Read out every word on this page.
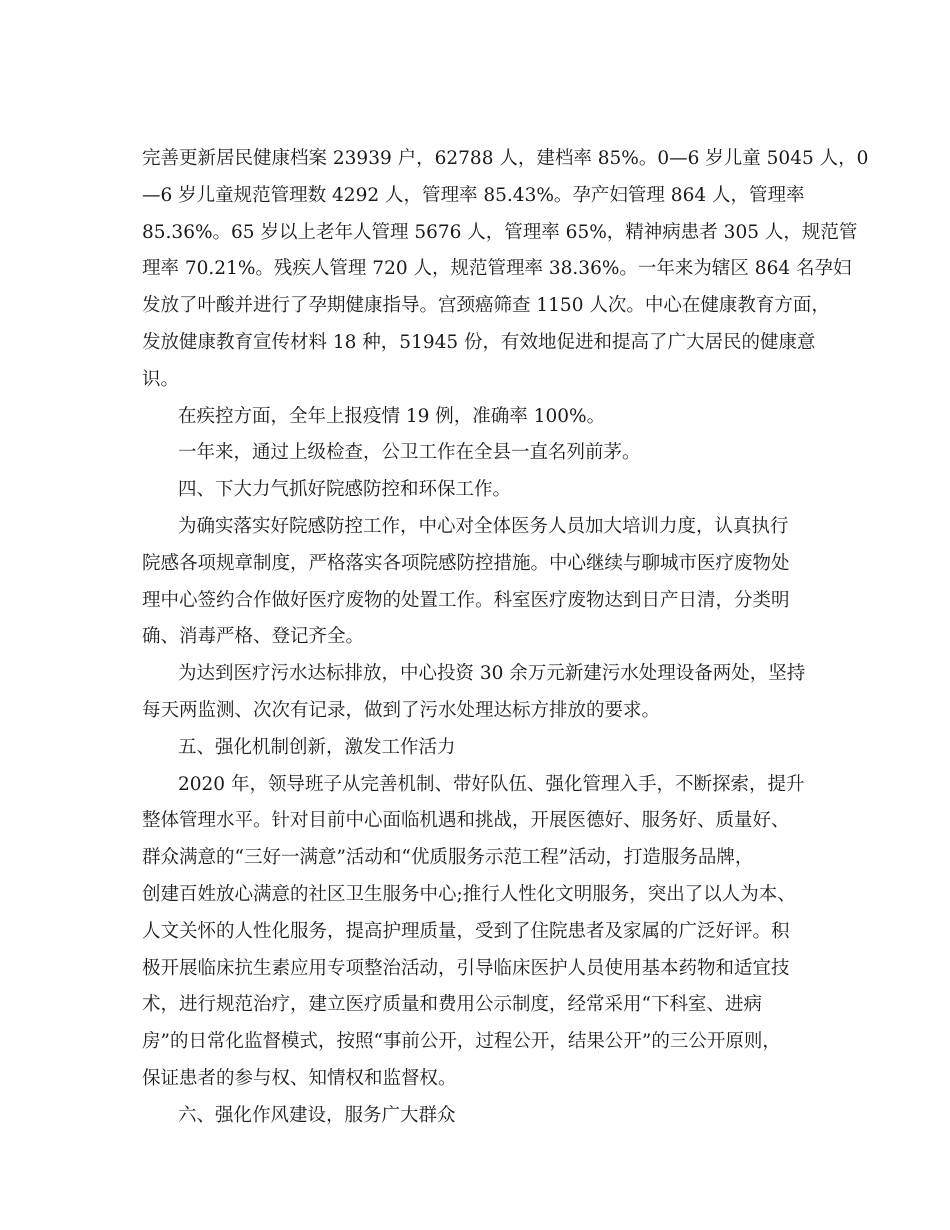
完善更新居民健康档案 23939 户，62788 人，建档率 85%。0—6 岁儿童 5045 人，0
—6 岁儿童规范管理数 4292 人，管理率 85.43%。孕产妇管理 864 人，管理率
85.36%。65 岁以上老年人管理 5676 人，管理率 65%，精神病患者 305 人，规范管
理率 70.21%。残疾人管理 720 人，规范管理率 38.36%。一年来为辖区 864 名孕妇
发放了叶酸并进行了孕期健康指导。宫颈癌筛查 1150 人次。中心在健康教育方面，
发放健康教育宣传材料 18 种，51945 份，有效地促进和提高了广大居民的健康意
识。
在疾控方面，全年上报疫情 19 例，准确率 100%。
一年来，通过上级检查，公卫工作在全县一直名列前茅。
四、下大力气抓好院感防控和环保工作。
为确实落实好院感防控工作，中心对全体医务人员加大培训力度，认真执行
院感各项规章制度，严格落实各项院感防控措施。中心继续与聊城市医疗废物处
理中心签约合作做好医疗废物的处置工作。科室医疗废物达到日产日清，分类明
确、消毒严格、登记齐全。
为达到医疗污水达标排放，中心投资 30 余万元新建污水处理设备两处，坚持
每天两监测、次次有记录，做到了污水处理达标方排放的要求。
五、强化机制创新，激发工作活力
2020 年，领导班子从完善机制、带好队伍、强化管理入手，不断探索，提升
整体管理水平。针对目前中心面临机遇和挑战，开展医德好、服务好、质量好、
群众满意的“三好一满意”活动和“优质服务示范工程”活动，打造服务品牌，
创建百姓放心满意的社区卫生服务中心;推行人性化文明服务，突出了以人为本、
人文关怀的人性化服务，提高护理质量，受到了住院患者及家属的广泛好评。积
极开展临床抗生素应用专项整治活动，引导临床医护人员使用基本药物和适宜技
术，进行规范治疗，建立医疗质量和费用公示制度，经常采用“下科室、进病
房”的日常化监督模式，按照“事前公开，过程公开，结果公开”的三公开原则，
保证患者的参与权、知情权和监督权。
六、强化作风建设，服务广大群众
